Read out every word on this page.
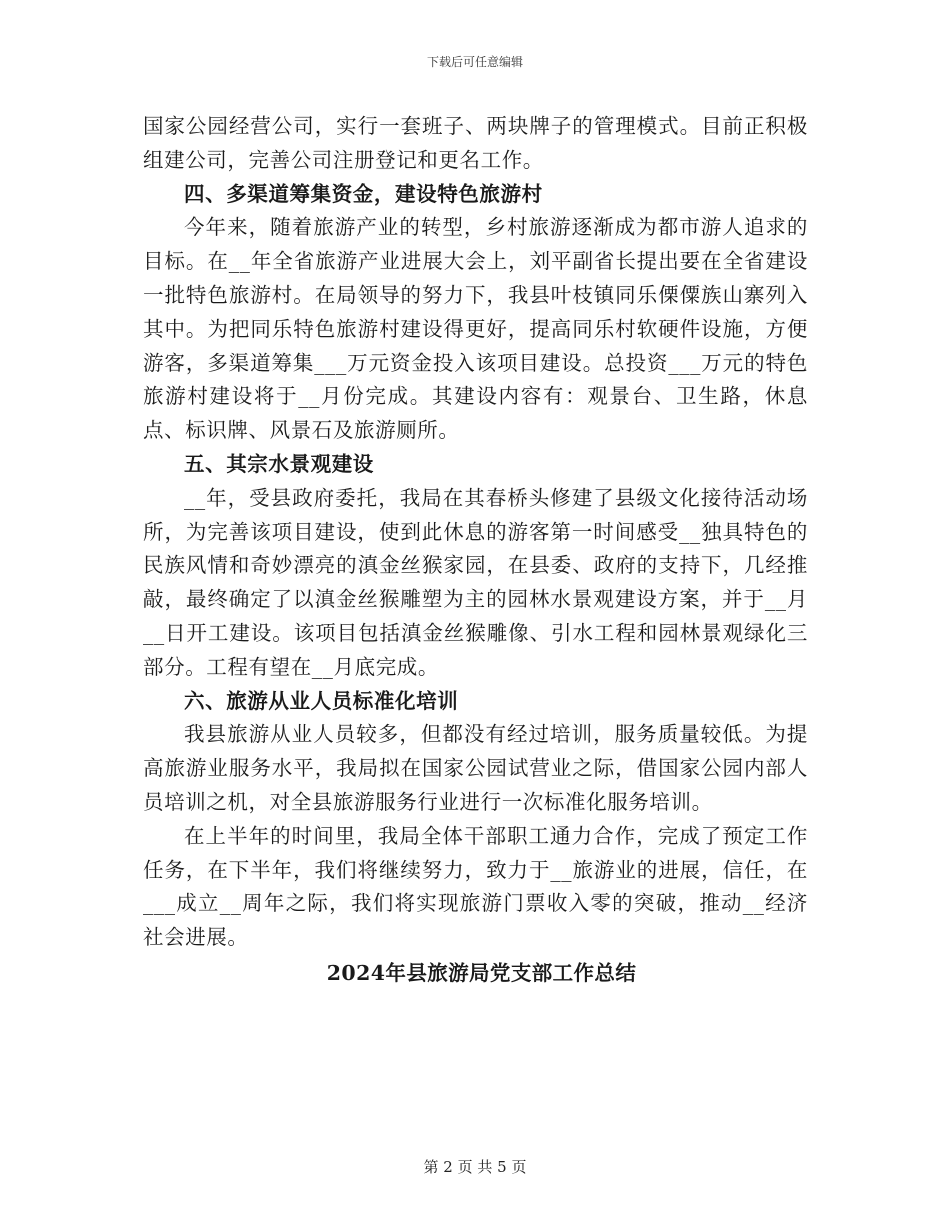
下载后可任意编辑

国家公园经营公司，实行一套班子、两块牌子的管理模式。目前正积极组建公司，完善公司注册登记和更名工作。

四、多渠道筹集资金，建设特色旅游村

今年来，随着旅游产业的转型，乡村旅游逐渐成为都市游人追求的目标。在__年全省旅游产业进展大会上，刘平副省长提出要在全省建设一批特色旅游村。在局领导的努力下，我县叶枝镇同乐傈僳族山寨列入其中。为把同乐特色旅游村建设得更好，提高同乐村软硬件设施，方便游客，多渠道筹集___万元资金投入该项目建设。总投资___万元的特色旅游村建设将于__月份完成。其建设内容有：观景台、卫生路，休息点、标识牌、风景石及旅游厕所。

五、其宗水景观建设

__年，受县政府委托，我局在其春桥头修建了县级文化接待活动场所，为完善该项目建设，使到此休息的游客第一时间感受__独具特色的民族风情和奇妙漂亮的滇金丝猴家园，在县委、政府的支持下，几经推敲，最终确定了以滇金丝猴雕塑为主的园林水景观建设方案，并于__月__日开工建设。该项目包括滇金丝猴雕像、引水工程和园林景观绿化三部分。工程有望在__月底完成。

六、旅游从业人员标准化培训

我县旅游从业人员较多，但都没有经过培训，服务质量较低。为提高旅游业服务水平，我局拟在国家公园试营业之际，借国家公园内部人员培训之机，对全县旅游服务行业进行一次标准化服务培训。

在上半年的时间里，我局全体干部职工通力合作，完成了预定工作任务，在下半年，我们将继续努力，致力于__旅游业的进展，信任，在___成立__周年之际，我们将实现旅游门票收入零的突破，推动__经济社会进展。

2024年县旅游局党支部工作总结

第 2 页 共 5 页
